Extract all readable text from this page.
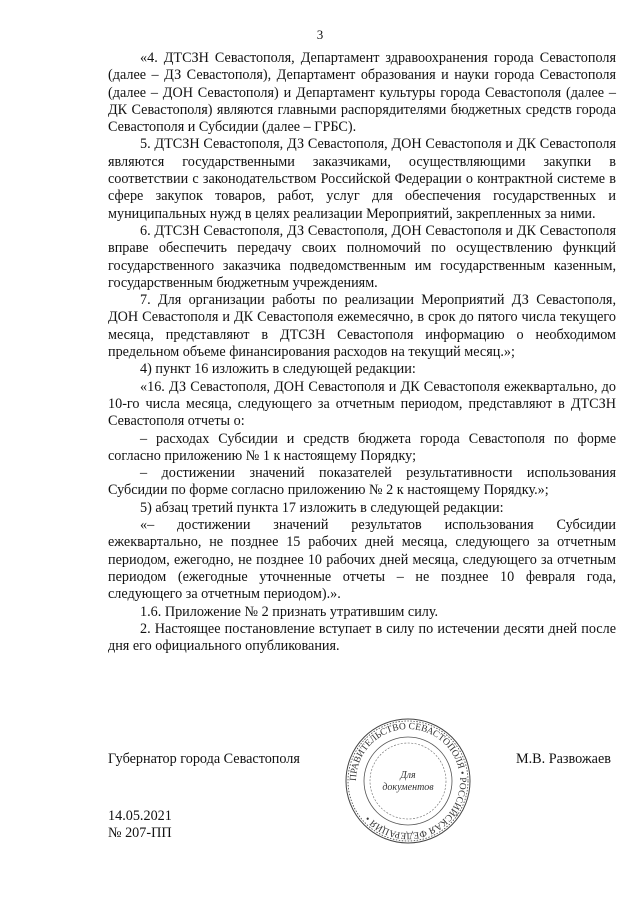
3

«4. ДТСЗН Севастополя, Департамент здравоохранения города Севастополя (далее – ДЗ Севастополя), Департамент образования и науки города Севастополя (далее – ДОН Севастополя) и Департамент культуры города Севастополя (далее – ДК Севастополя) являются главными распорядителями бюджетных средств города Севастополя и Субсидии (далее – ГРБС).

5. ДТСЗН Севастополя, ДЗ Севастополя, ДОН Севастополя и ДК Севастополя являются государственными заказчиками, осуществляющими закупки в соответствии с законодательством Российской Федерации о контрактной системе в сфере закупок товаров, работ, услуг для обеспечения государственных и муниципальных нужд в целях реализации Мероприятий, закрепленных за ними.

6. ДТСЗН Севастополя, ДЗ Севастополя, ДОН Севастополя и ДК Севастополя вправе обеспечить передачу своих полномочий по осуществлению функций государственного заказчика подведомственным им государственным казенным, государственным бюджетным учреждениям.

7. Для организации работы по реализации Мероприятий ДЗ Севастополя, ДОН Севастополя и ДК Севастополя ежемесячно, в срок до пятого числа текущего месяца, представляют в ДТСЗН Севастополя информацию о необходимом предельном объеме финансирования расходов на текущий месяц.»;

4) пункт 16 изложить в следующей редакции:

«16. ДЗ Севастополя, ДОН Севастополя и ДК Севастополя ежеквартально, до 10-го числа месяца, следующего за отчетным периодом, представляют в ДТСЗН Севастополя отчеты о:

– расходах Субсидии и средств бюджета города Севастополя по форме согласно приложению № 1 к настоящему Порядку;

– достижении значений показателей результативности использования Субсидии по форме согласно приложению № 2 к настоящему Порядку.»;

5) абзац третий пункта 17 изложить в следующей редакции:

«– достижении значений результатов использования Субсидии ежеквартально, не позднее 15 рабочих дней месяца, следующего за отчетным периодом, ежегодно, не позднее 10 рабочих дней месяца, следующего за отчетным периодом (ежегодные уточненные отчеты – не позднее 10 февраля года, следующего за отчетным периодом).».

1.6. Приложение № 2 признать утратившим силу.

2. Настоящее постановление вступает в силу по истечении десяти дней после дня его официального опубликования.

Губернатор города Севастополя	М.В. Развожаев
ПРАВИТЕЛЬСТВО СЕВАСТОПОЛЯ • РОССИЙСКАЯ ФЕДЕРАЦИЯ •
Для
документов
14.05.2021
№ 207-ПП
